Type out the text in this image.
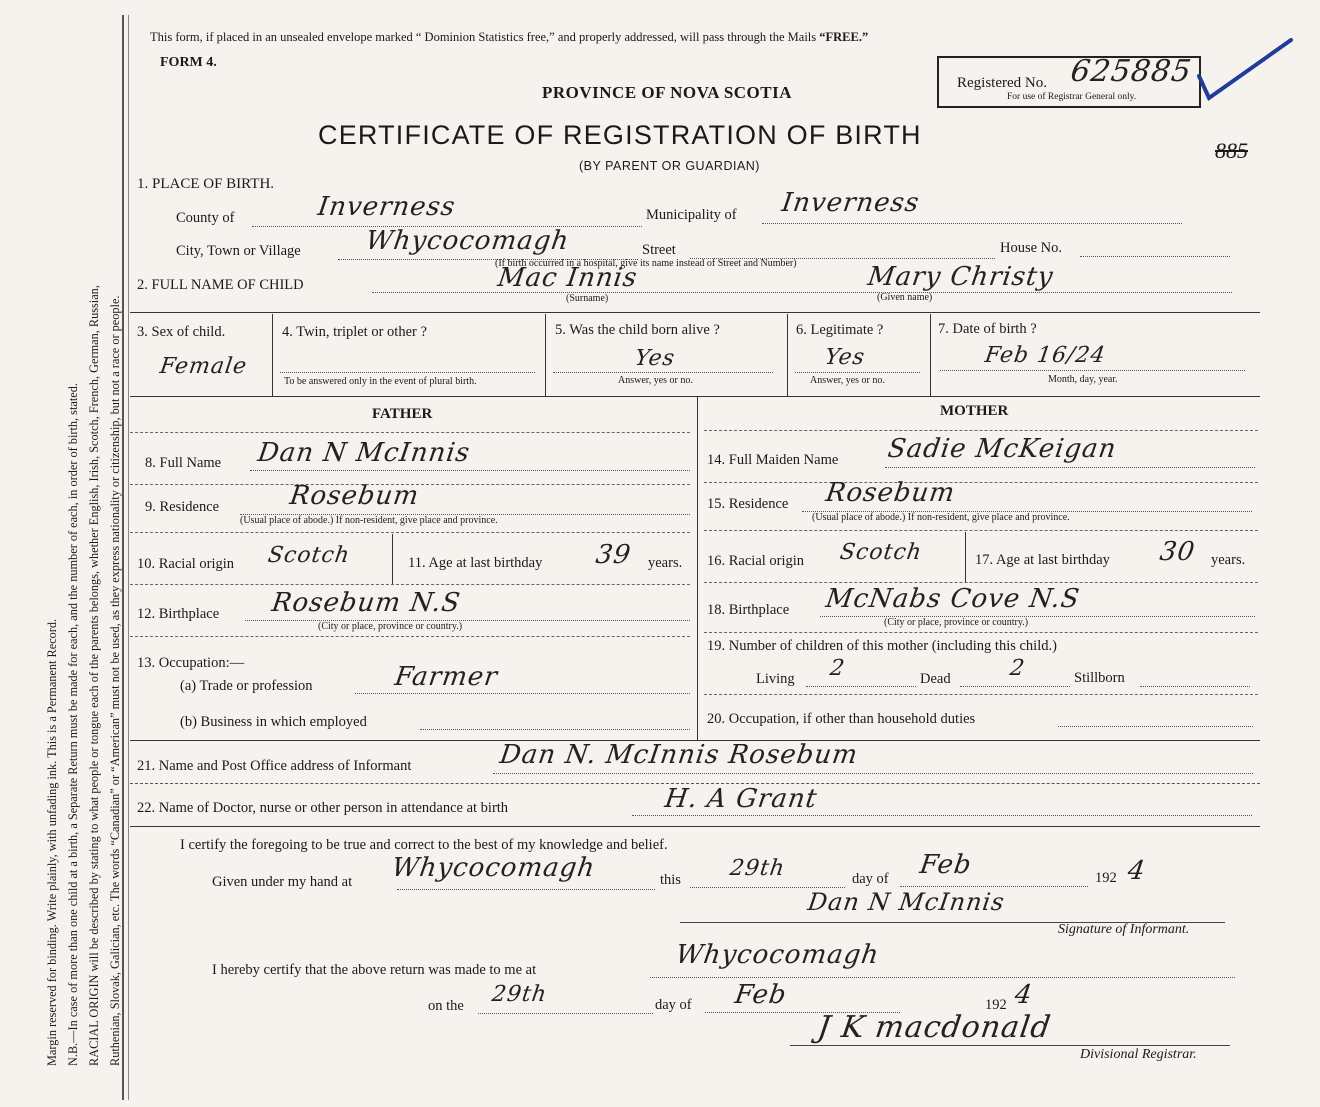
Margin reserved for binding. Write plainly, with unfading ink. This is a Permanent Record. N.B.—In case of more than one child at a birth, a Separate Return must be made for each, and the number of each, in order of birth, stated. RACIAL ORIGIN will be described by stating to what people or tongue each of the parents belongs, whether English, Irish, Scotch, French, German, Russian, Ruthenian, Slovak, Galician, etc. The words “Canadian” or “American” must not be used, as they express nationality or citizenship, but not a race or people.
This form, if placed in an unsealed envelope marked “ Dominion Statistics free,” and properly addressed, will pass through the Mails “FREE.”
FORM 4.
PROVINCE OF NOVA SCOTIA
CERTIFICATE OF REGISTRATION OF BIRTH
(BY PARENT OR GUARDIAN)
885
Registered No. 625885
For use of Registrar General only.
1. PLACE OF BIRTH.
County of	Inverness	Municipality of Inverness
City, Town or Village Whycocomagh	Street	House No.
(If birth occurred in a hospital, give its name instead of Street and Number)
2. FULL NAME OF CHILD	Mac Innis
(Surname)
Mary Christy
(Given name)
3. Sex of child.
Female
4. Twin, triplet or other ?
To be answered only in the event of plural birth.
5. Was the child born alive ?
Yes
Answer, yes or no.
6. Legitimate ?
Yes
Answer, yes or no.
7. Date of birth ?
Feb 16/24
Month, day, year.
FATHER	MOTHER
8. Full Name Dan N McInnis
9. Residence	Rosebum
(Usual place of abode.) If non-resident, give place and province.
10. Racial origin Scotch	11. Age at last birthday 39 years.
12. Birthplace Rosebum N.S
(City or place, province or country.)
13. Occupation:—
(a) Trade or profession	Farmer
(b) Business in which employed
14. Full Maiden Name Sadie McKeigan
15. Residence Rosebum
(Usual place of abode.) If non-resident, give place and province.
16. Racial origin Scotch	17. Age at last birthday 30 years.
18. Birthplace McNabs Cove N.S
(City or place, province or country.)
19. Number of children of this mother (including this child.)
Living 2	Dead	2	Stillborn
20. Occupation, if other than household duties
21. Name and Post Office address of Informant	Dan N. McInnis Rosebum
22. Name of Doctor, nurse or other person in attendance at birth	H. A Grant
I certify the foregoing to be true and correct to the best of my knowledge and belief.
Given under my hand at Whycocomagh	this 29th	day of Feb	192 4
Dan N McInnis
Signature of Informant.
I hereby certify that the above return was made to me at	Whycocomagh
on the 29th	day of Feb	192 4
J K macdonald
Divisional Registrar.
